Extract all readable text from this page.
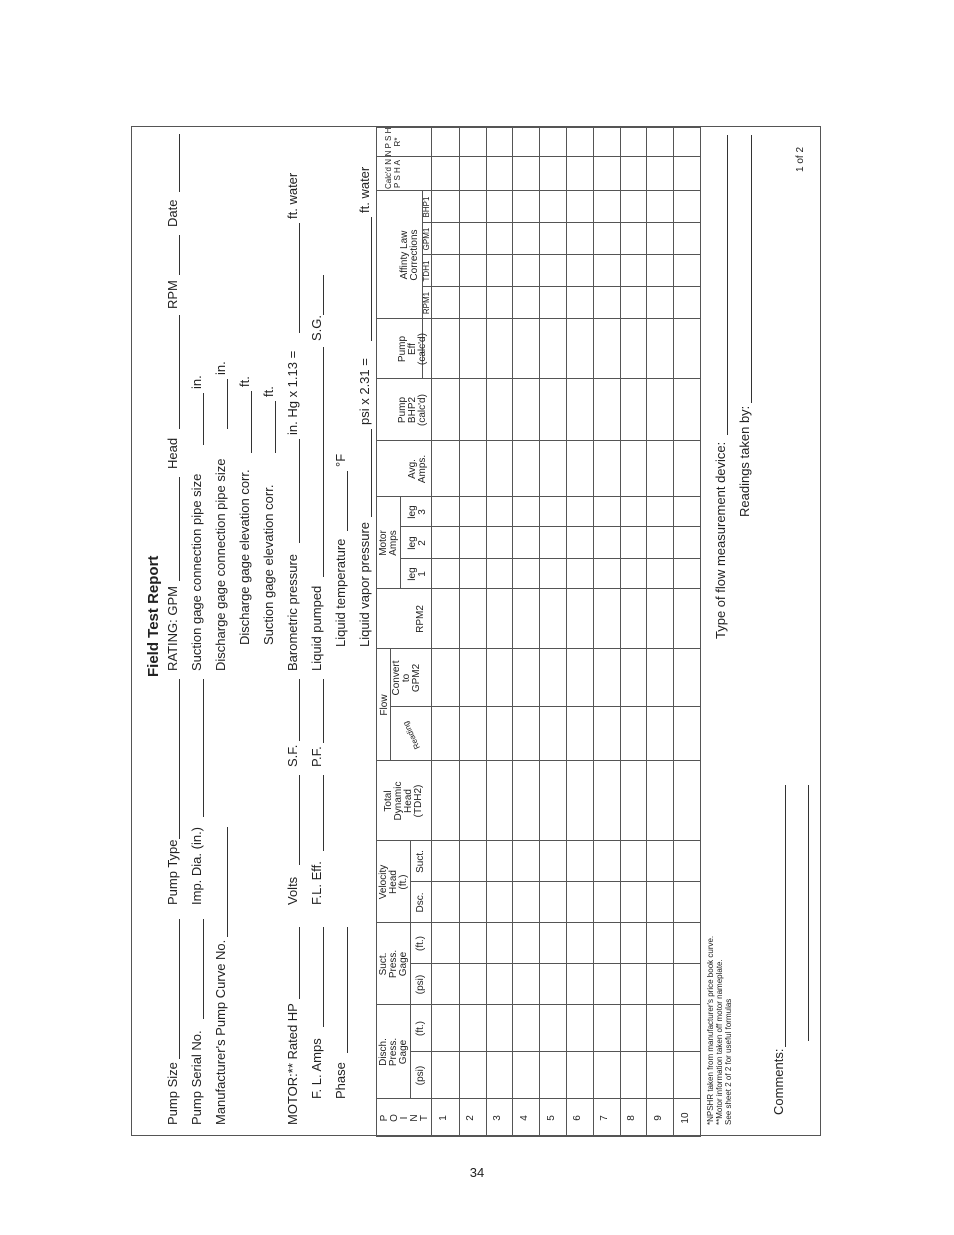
Field Test Report
Pump Size
Pump Type
RATING: GPM
Head
RPM
Date
Pump Serial No.
Imp. Dia. (in.)
Suction gage connection pipe size
in.
Manufacturer's Pump Curve No.
Discharge gage connection pipe size
in.
Discharge gage elevation corr.
ft.
Suction gage elevation corr.
ft.
MOTOR:** Rated HP
Volts
S.F.
Barometric pressure
in. Hg x 1.13 =
ft. water
F. L. Amps
F.L. Eff.
P.F.
Liquid pumped
S.G.
Phase
Liquid temperature
°F
Liquid vapor pressure
psi x 2.31 =
ft. water
P
O
I
N
T
Disch.
Press.
Gage
(psi)
(ft.)
Suct.
Press.
Gage
(psi)
(ft.)
Velocity
Head
(ft.)
Dsc.
Suct.
Total
Dynamic
Head
(TDH2)
Flow
Reading
Convert
to
GPM2
RPM2
Motor
Amps
leg
1
leg
2
leg
3
Avg.
Amps.
Pump
BHP2
(calc'd)
Pump
Eff
(calc'd)
Affinty Law
Corrections
RPM1
TDH1
GPM1
BHP1
Calc'd N P S H A
N P S H R*
1 2 3 4 5 6 7 8 9 10 *NPSHR taken from manufacturer's price book curve. **Motor information taken off motor nameplate. See sheet 2 of 2 for useful formulas
Type of flow measurement device: Readings taken by:
Comments:
1 of 2
34
